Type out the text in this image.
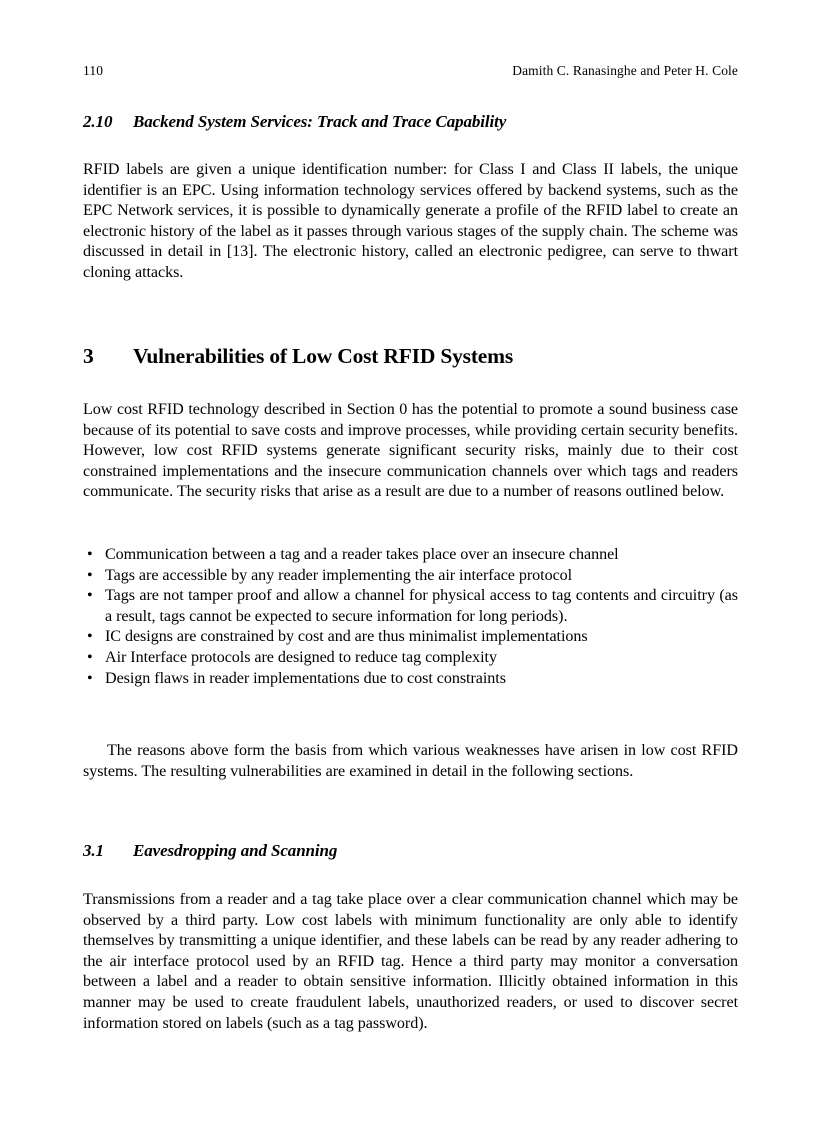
110	Damith C. Ranasinghe and Peter H. Cole
2.10	Backend System Services: Track and Trace Capability

RFID labels are given a unique identification number: for Class I and Class II labels, the unique identifier is an EPC. Using information technology services offered by backend systems, such as the EPC Network services, it is possible to dynamically generate a profile of the RFID label to create an electronic history of the label as it passes through various stages of the supply chain. The scheme was discussed in detail in [13]. The electronic history, called an electronic pedigree, can serve to thwart cloning attacks.

3	Vulnerabilities of Low Cost RFID Systems

Low cost RFID technology described in Section 0 has the potential to promote a sound business case because of its potential to save costs and improve processes, while providing certain security benefits. However, low cost RFID systems generate significant security risks, mainly due to their cost constrained implementations and the insecure communication channels over which tags and readers communicate. The security risks that arise as a result are due to a number of reasons outlined below.

• Communication between a tag and a reader takes place over an insecure channel
• Tags are accessible by any reader implementing the air interface protocol
• Tags are not tamper proof and allow a channel for physical access to tag contents and circuitry (as a result, tags cannot be expected to secure information for long periods).
• IC designs are constrained by cost and are thus minimalist implementations
• Air Interface protocols are designed to reduce tag complexity
• Design flaws in reader implementations due to cost constraints

The reasons above form the basis from which various weaknesses have arisen in low cost RFID systems. The resulting vulnerabilities are examined in detail in the following sections.

3.1	Eavesdropping and Scanning

Transmissions from a reader and a tag take place over a clear communication channel which may be observed by a third party. Low cost labels with minimum functionality are only able to identify themselves by transmitting a unique identifier, and these labels can be read by any reader adhering to the air interface protocol used by an RFID tag. Hence a third party may monitor a conversation between a label and a reader to obtain sensitive information. Illicitly obtained information in this manner may be used to create fraudulent labels, unauthorized readers, or used to discover secret information stored on labels (such as a tag password).
